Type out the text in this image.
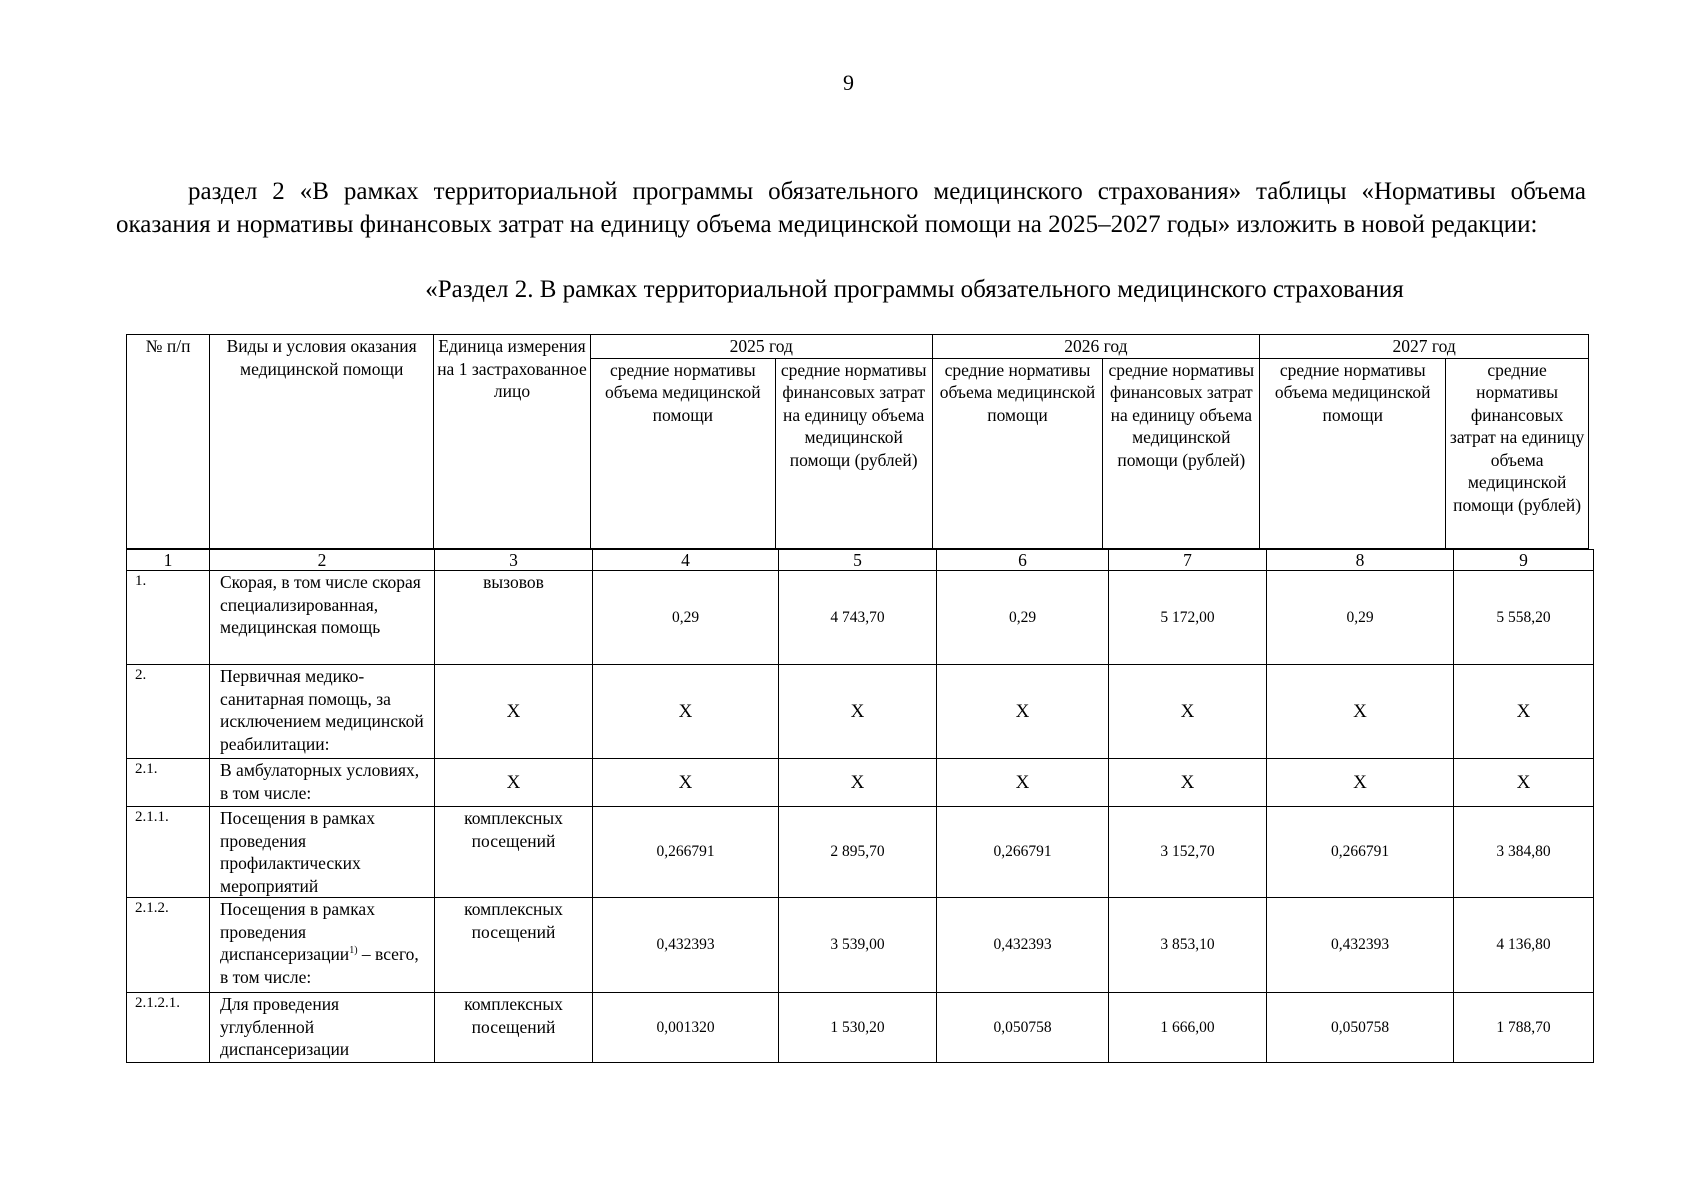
9

раздел 2 «В рамках территориальной программы обязательного медицинского страхования» таблицы «Нормативы объема оказания и нормативы финансовых затрат на единицу объема медицинской помощи на 2025–2027 годы» изложить в новой редакции:

«Раздел 2. В рамках территориальной программы обязательного медицинского страхования
№ п/п	Виды и условия оказания медицинской помощи	Единица измерения на 1 застрахованное лицо	2025 год		2026 год		2027 год	
			средние нормативы объема медицинской помощи	средние нормативы финансовых затрат на единицу объема медицинской помощи (рублей)	средние нормативы объема медицинской помощи	средние нормативы финансовых затрат на единицу объема медицинской помощи (рублей)	средние нормативы объема медицинской помощи	средние нормативы финансовых затрат на единицу объема медицинской помощи (рублей)
1	2	3	4	5	6	7	8	9
1.	Скорая, в том числе скорая специализированная, медицинская помощь	вызовов	0,29	4 743,70	0,29	5 172,00	0,29	5 558,20
2.	Первичная медико-санитарная помощь, за исключением медицинской реабилитации:	X	X	X	X	X	X	X
2.1.	В амбулаторных условиях, в том числе:	X	X	X	X	X	X	X
2.1.1.	Посещения в рамках проведения профилактических мероприятий	комплексных посещений	0,266791	2 895,70	0,266791	3 152,70	0,266791	3 384,80
2.1.2.	Посещения в рамках проведения диспансеризации$^{1)}$ – всего, в том числе:	комплексных посещений	0,432393	3 539,00	0,432393	3 853,10	0,432393	4 136,80
2.1.2.1.	Для проведения углубленной диспансеризации	комплексных посещений	0,001320	1 530,20	0,050758	1 666,00	0,050758	1 788,70
